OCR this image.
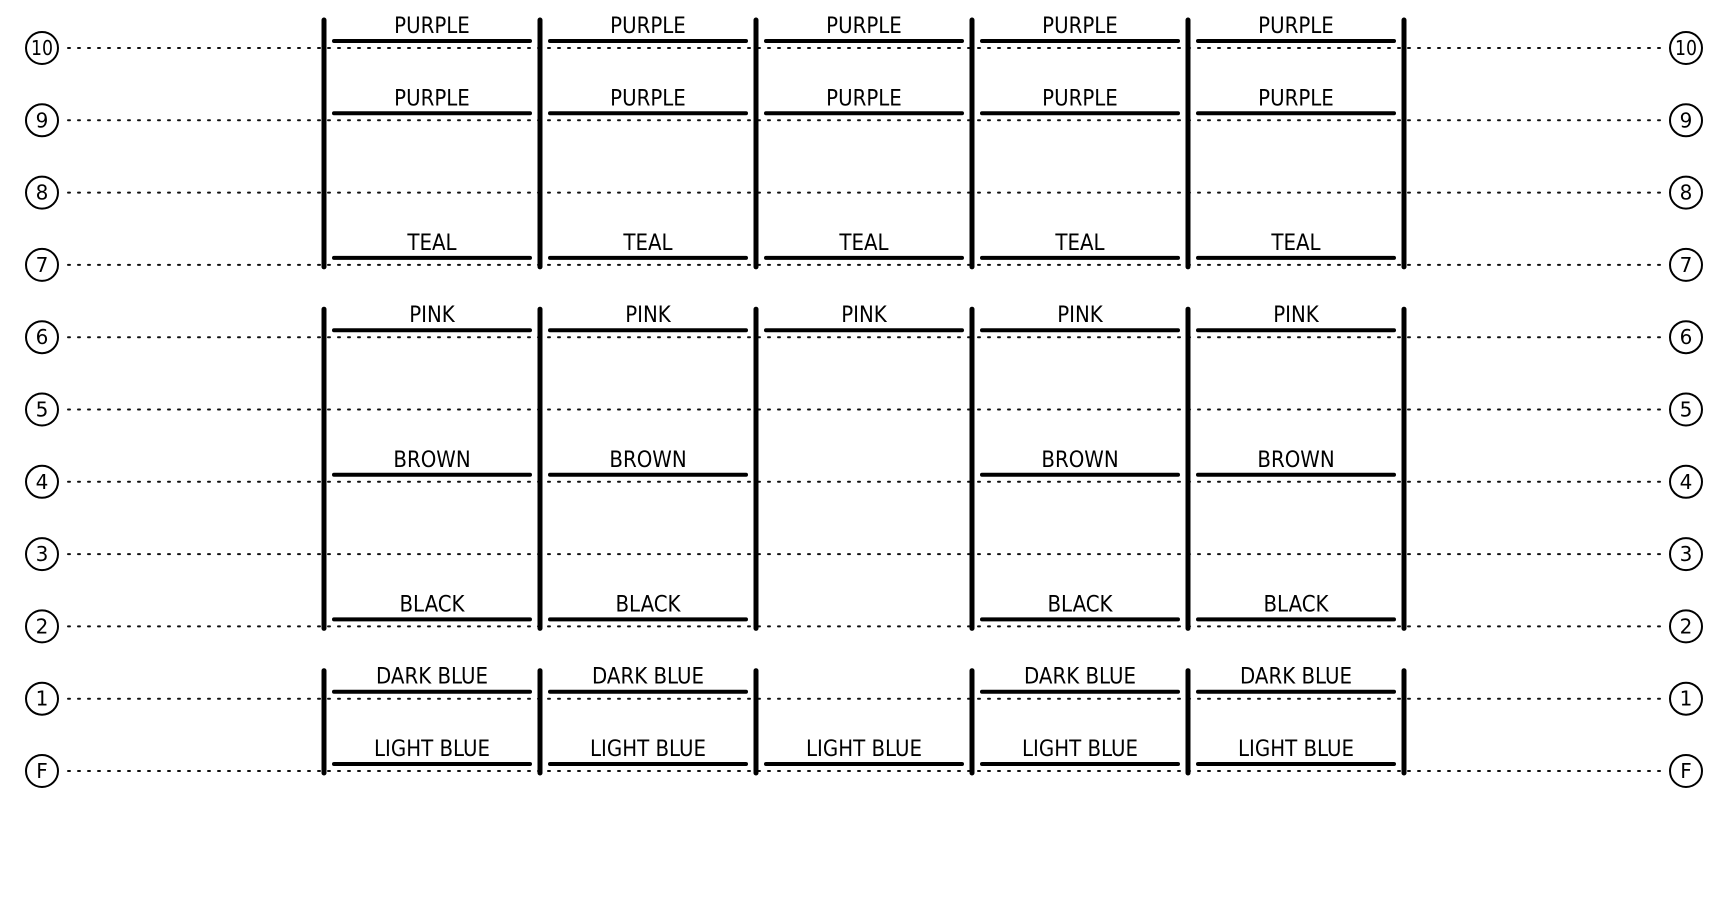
10	10
9	9
8	8
7	7
6	6
5	5
4	4
3	3
2	2
1	1
F	F
PURPLE
PURPLE
TEAL
PINK
BROWN
BLACK
DARK BLUE
LIGHT BLUE
PURPLE
PURPLE
TEAL
PINK
BROWN
BLACK
DARK BLUE
LIGHT BLUE
PURPLE
PURPLE
TEAL
PINK
LIGHT BLUE
PURPLE
PURPLE
TEAL
PINK
BROWN
BLACK
DARK BLUE
LIGHT BLUE
PURPLE
PURPLE
TEAL
PINK
BROWN
BLACK
DARK BLUE
LIGHT BLUE
